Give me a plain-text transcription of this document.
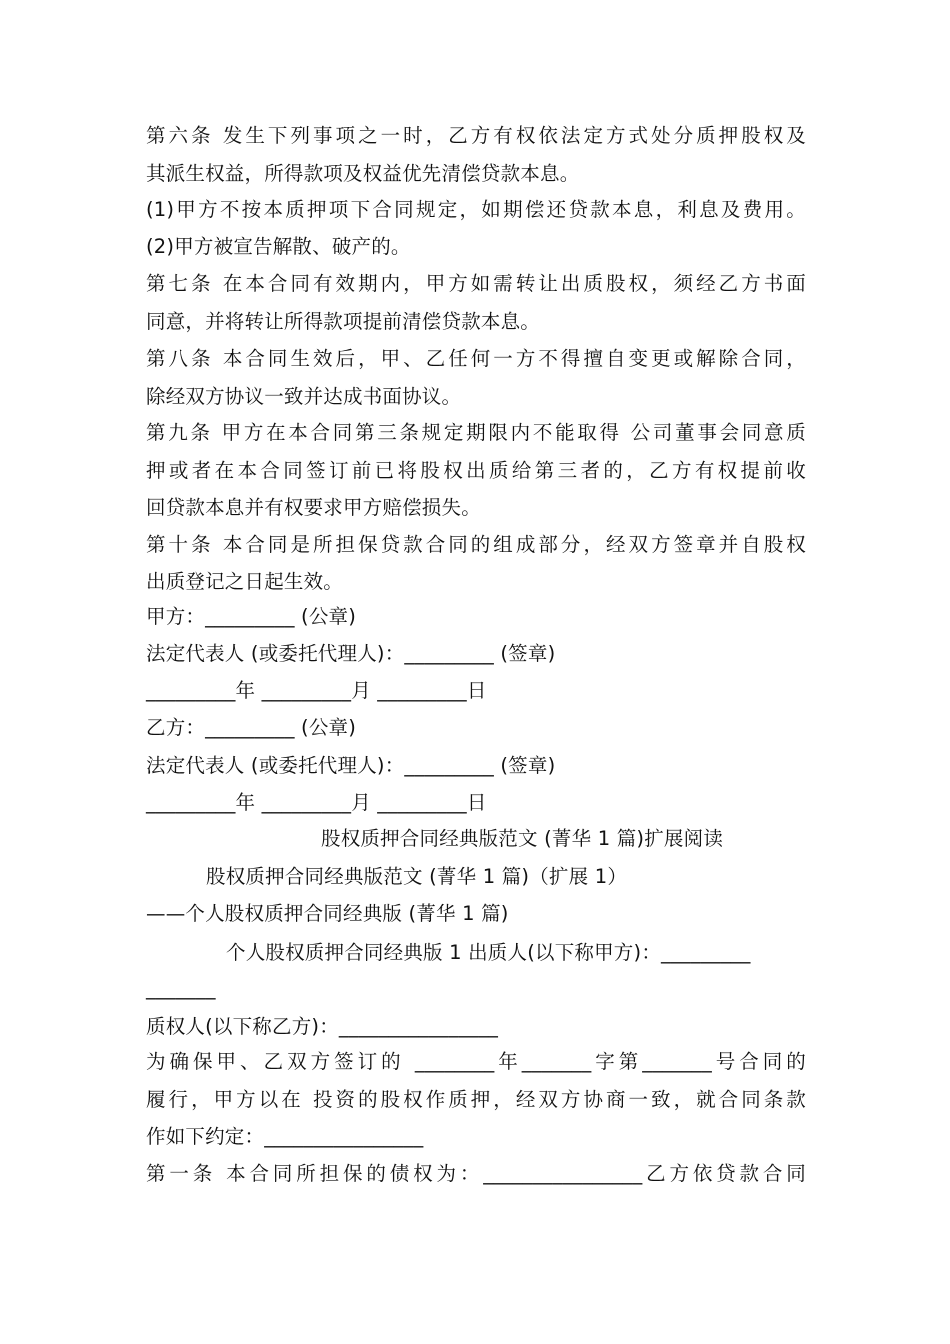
第六条 发生下列事项之一时，乙方有权依法定方式处分质押股权及
其派生权益，所得款项及权益优先清偿贷款本息。
(1)甲方不按本质押项下合同规定，如期偿还贷款本息，利息及费用。
(2)甲方被宣告解散、破产的。
第七条 在本合同有效期内，甲方如需转让出质股权，须经乙方书面
同意，并将转让所得款项提前清偿贷款本息。
第八条 本合同生效后，甲、乙任何一方不得擅自变更或解除合同，
除经双方协议一致并达成书面协议。
第九条 甲方在本合同第三条规定期限内不能取得 公司董事会同意质
押或者在本合同签订前已将股权出质给第三者的，乙方有权提前收
回贷款本息并有权要求甲方赔偿损失。
第十条 本合同是所担保贷款合同的组成部分，经双方签章并自股权
出质登记之日起生效。
甲方：_________ (公章)
法定代表人 (或委托代理人)：_________ (签章)
_________年 _________月 _________日
乙方：_________ (公章)
法定代表人 (或委托代理人)：_________ (签章)
_________年 _________月 _________日
股权质押合同经典版范文 (菁华 1 篇)扩展阅读
股权质押合同经典版范文 (菁华 1 篇)（扩展 1）
——个人股权质押合同经典版 (菁华 1 篇)
个人股权质押合同经典版 1 出质人(以下称甲方)：_________
_______
质权人(以下称乙方)：________________
为确保甲、乙双方签订的 ________年_______字第_______号合同的
履行，甲方以在 投资的股权作质押，经双方协商一致，就合同条款
作如下约定：________________
第一条 本合同所担保的债权为：________________乙方依贷款合同
